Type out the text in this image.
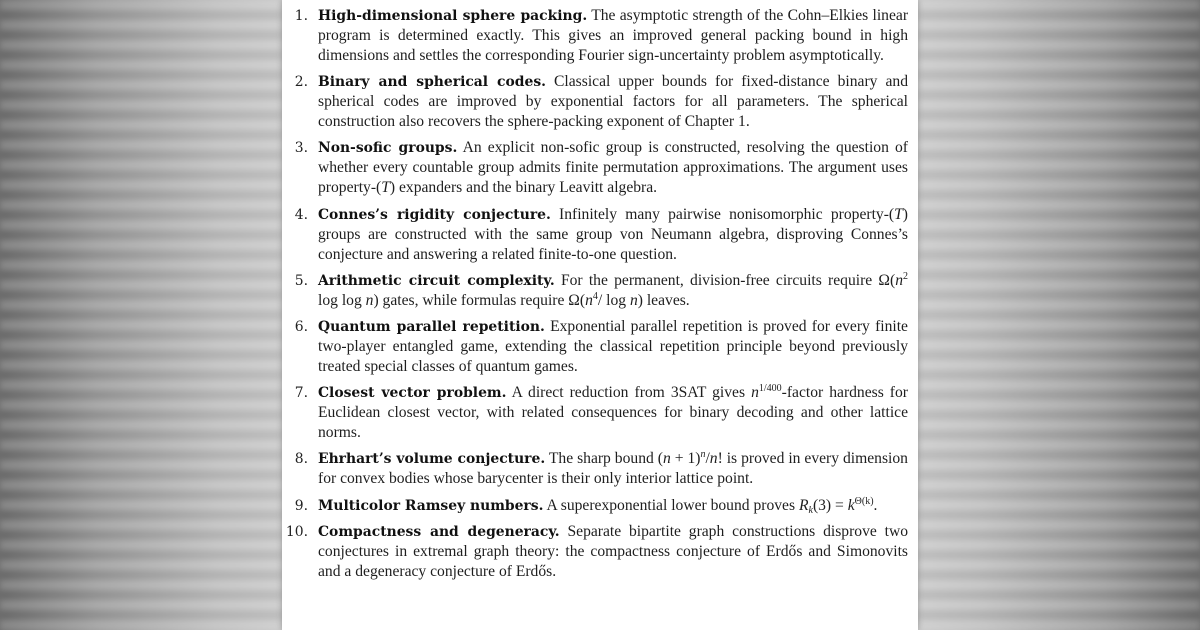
1. High-dimensional sphere packing. The asymptotic strength of the Cohn–Elkies linear program is determined exactly. This gives an improved general packing bound in high dimensions and settles the corresponding Fourier sign-uncertainty problem asymptotically.
2. Binary and spherical codes. Classical upper bounds for fixed-distance binary and spherical codes are improved by exponential factors for all parameters. The spherical construction also recovers the sphere-packing exponent of Chapter 1.
3. Non-sofic groups. An explicit non-sofic group is constructed, resolving the question of whether every countable group admits finite permutation approximations. The argument uses property-(T) expanders and the binary Leavitt algebra.
4. Connes’s rigidity conjecture. Infinitely many pairwise nonisomorphic property-(T) groups are constructed with the same group von Neumann algebra, disproving Connes’s conjecture and answering a related finite-to-one question.
5. Arithmetic circuit complexity. For the permanent, division-free circuits require $\Omega(n^2$ log log n) gates, while formulas require $\Omega(n^4/$ log n) leaves.
6. Quantum parallel repetition. Exponential parallel repetition is proved for every finite two-player entangled game, extending the classical repetition principle beyond previously treated special classes of quantum games.
7. Closest vector problem. A direct reduction from 3SAT gives $n^{1/400}$-factor hardness for Euclidean closest vector, with related consequences for binary decoding and other lattice norms.
8. Ehrhart’s volume conjecture. The sharp bound $(n + 1)^n/n$! is proved in every dimension for convex bodies whose barycenter is their only interior lattice point.
9. Multicolor Ramsey numbers. A superexponential lower bound proves $R_k(3) = k^{\Theta(k)}$.
10. Compactness and degeneracy. Separate bipartite graph constructions disprove two conjectures in extremal graph theory: the compactness conjecture of Erdős and Simonovits and a degeneracy conjecture of Erdős.
